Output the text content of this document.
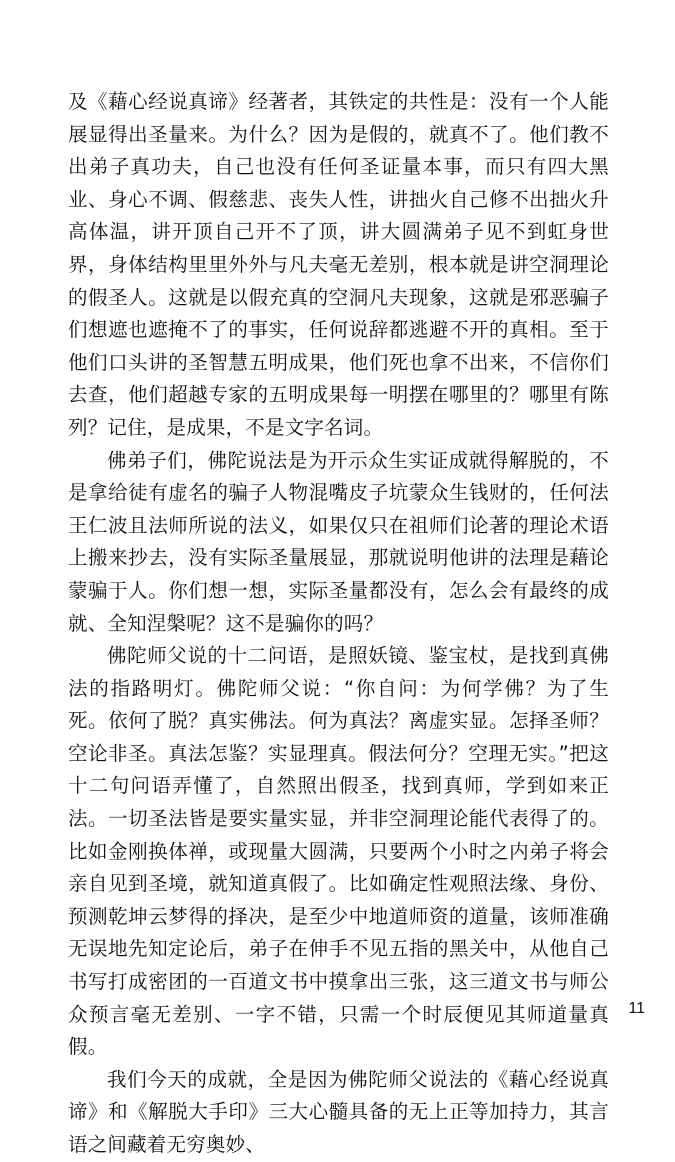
及《藉心经说真谛》经著者，其铁定的共性是：没有一个人能展显得出圣量来。为什么？因为是假的，就真不了。他们教不出弟子真功夫，自己也没有任何圣证量本事，而只有四大黑业、身心不调、假慈悲、丧失人性，讲拙火自己修不出拙火升高体温，讲开顶自己开不了顶，讲大圆满弟子见不到虹身世界，身体结构里里外外与凡夫毫无差别，根本就是讲空洞理论的假圣人。这就是以假充真的空洞凡夫现象，这就是邪恶骗子们想遮也遮掩不了的事实，任何说辞都逃避不开的真相。至于他们口头讲的圣智慧五明成果，他们死也拿不出来，不信你们去查，他们超越专家的五明成果每一明摆在哪里的？哪里有陈列？记住，是成果，不是文字名词。

佛弟子们，佛陀说法是为开示众生实证成就得解脱的，不是拿给徒有虚名的骗子人物混嘴皮子坑蒙众生钱财的，任何法王仁波且法师所说的法义，如果仅只在祖师们论著的理论术语上搬来抄去，没有实际圣量展显，那就说明他讲的法理是藉论蒙骗于人。你们想一想，实际圣量都没有，怎么会有最终的成就、全知涅槃呢？这不是骗你的吗？

佛陀师父说的十二问语，是照妖镜、鉴宝杖，是找到真佛法的指路明灯。佛陀师父说：“你自问：为何学佛？为了生死。依何了脱？真实佛法。何为真法？离虚实显。怎择圣师？空论非圣。真法怎鉴？实显理真。假法何分？空理无实。”把这十二句问语弄懂了，自然照出假圣，找到真师，学到如来正法。一切圣法皆是要实量实显，并非空洞理论能代表得了的。比如金刚换体禅，或现量大圆满，只要两个小时之内弟子将会亲自见到圣境，就知道真假了。比如确定性观照法缘、身份、预测乾坤云梦得的择决，是至少中地道师资的道量，该师准确无误地先知定论后，弟子在伸手不见五指的黑关中，从他自己书写打成密团的一百道文书中摸拿出三张，这三道文书与师公众预言毫无差别、一字不错，只需一个时辰便见其师道量真假。

我们今天的成就，全是因为佛陀师父说法的《藉心经说真谛》和《解脱大手印》三大心髓具备的无上正等加持力，其言语之间藏着无穷奥妙、

11
